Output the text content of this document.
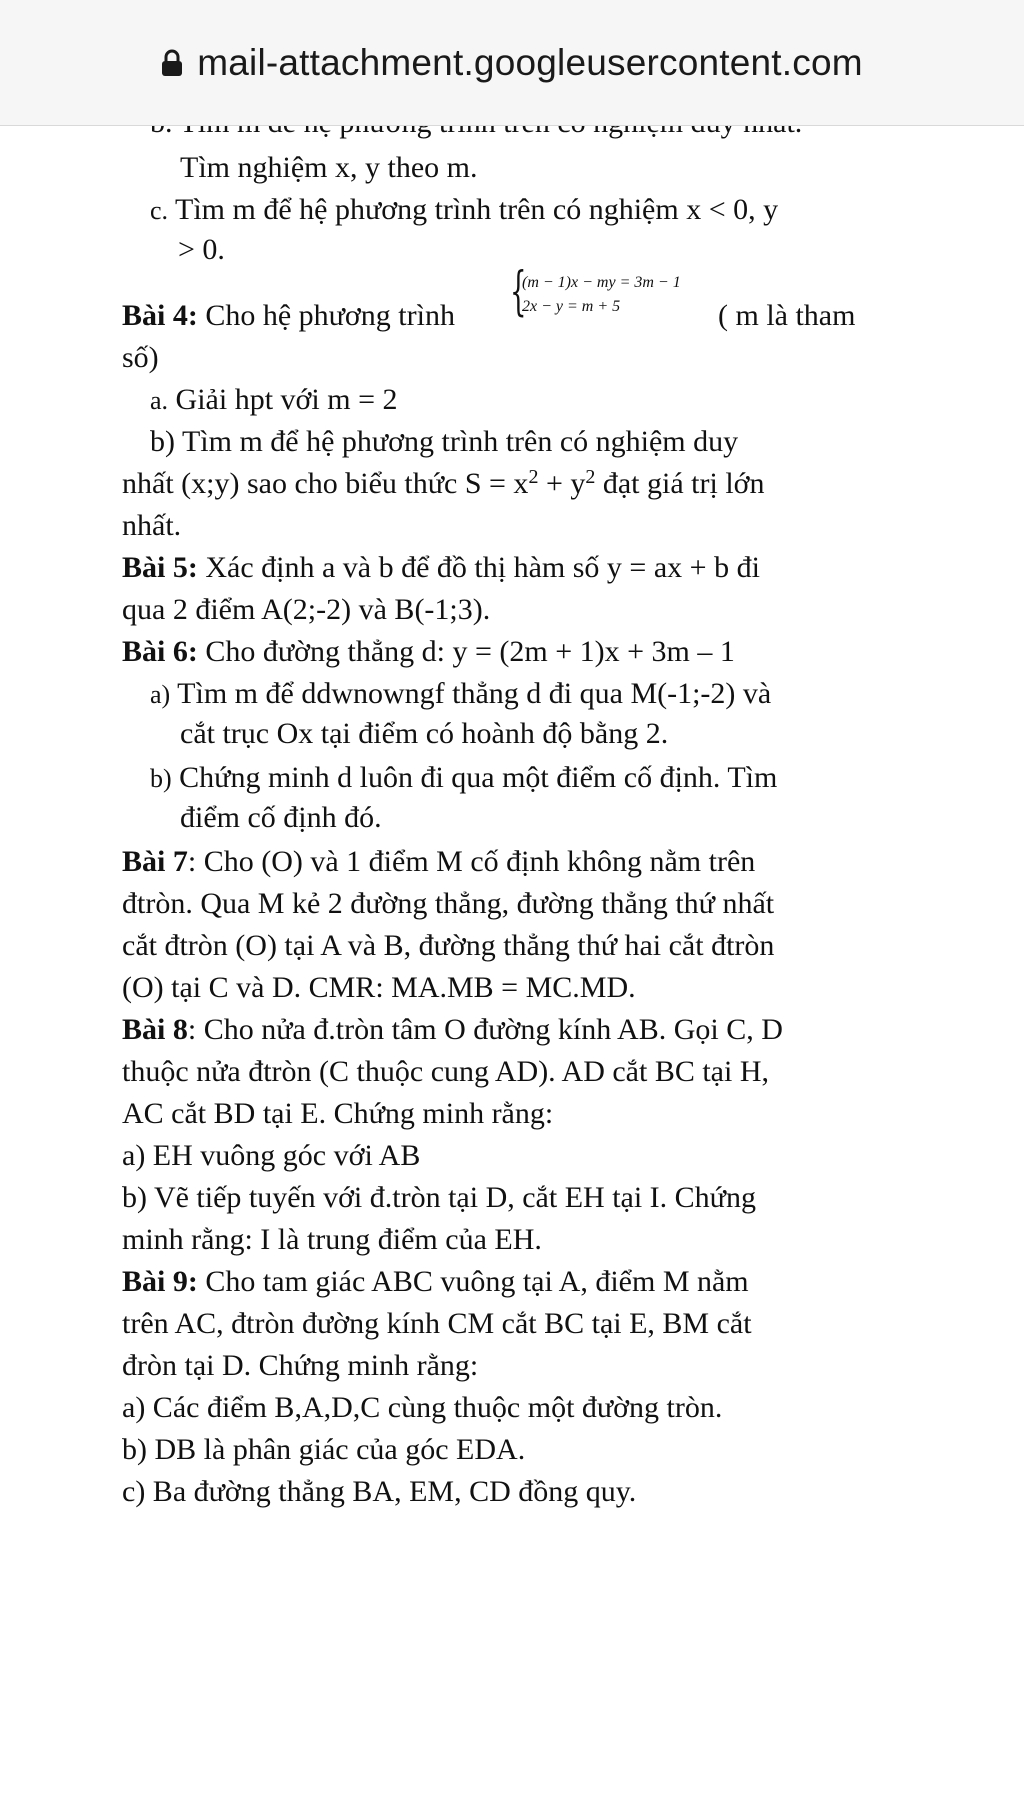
mail-attachment.googleusercontent.com
Tìm nghiệm x, y theo m.
c. Tìm m để hệ phương trình trên có nghiệm x < 0, y
> 0.
Bài 4: Cho hệ phương trình {
(m − 1)x − my = 3m − 1
2x − y = m + 5	( m là tham
số)
a. Giải hpt với m = 2
b) Tìm m để hệ phương trình trên có nghiệm duy
nhất (x;y) sao cho biểu thức $S = x^2 + y^2$ đạt giá trị lớn
nhất.
Bài 5: Xác định a và b để đồ thị hàm số y = ax + b đi
qua 2 điểm A(2;-2) và B(-1;3).
Bài 6: Cho đường thẳng d: y = (2m + 1)x + 3m – 1
a) Tìm m để ddwnowngf thẳng d đi qua M(-1;-2) và
cắt trục Ox tại điểm có hoành độ bằng 2.
b) Chứng minh d luôn đi qua một điểm cố định. Tìm
điểm cố định đó.
Bài 7: Cho (O) và 1 điểm M cố định không nằm trên
đtròn. Qua M kẻ 2 đường thẳng, đường thẳng thứ nhất
cắt đtròn (O) tại A và B, đường thẳng thứ hai cắt đtròn
(O) tại C và D. CMR: MA.MB = MC.MD.
Bài 8: Cho nửa đ.tròn tâm O đường kính AB. Gọi C, D
thuộc nửa đtròn (C thuộc cung AD). AD cắt BC tại H,
AC cắt BD tại E. Chứng minh rằng:
a) EH vuông góc với AB
b) Vẽ tiếp tuyến với đ.tròn tại D, cắt EH tại I. Chứng
minh rằng: I là trung điểm của EH.
Bài 9: Cho tam giác ABC vuông tại A, điểm M nằm
trên AC, đtròn đường kính CM cắt BC tại E, BM cắt
đròn tại D. Chứng minh rằng:
a) Các điểm B,A,D,C cùng thuộc một đường tròn.
b) DB là phân giác của góc EDA.
c) Ba đường thẳng BA, EM, CD đồng quy.
